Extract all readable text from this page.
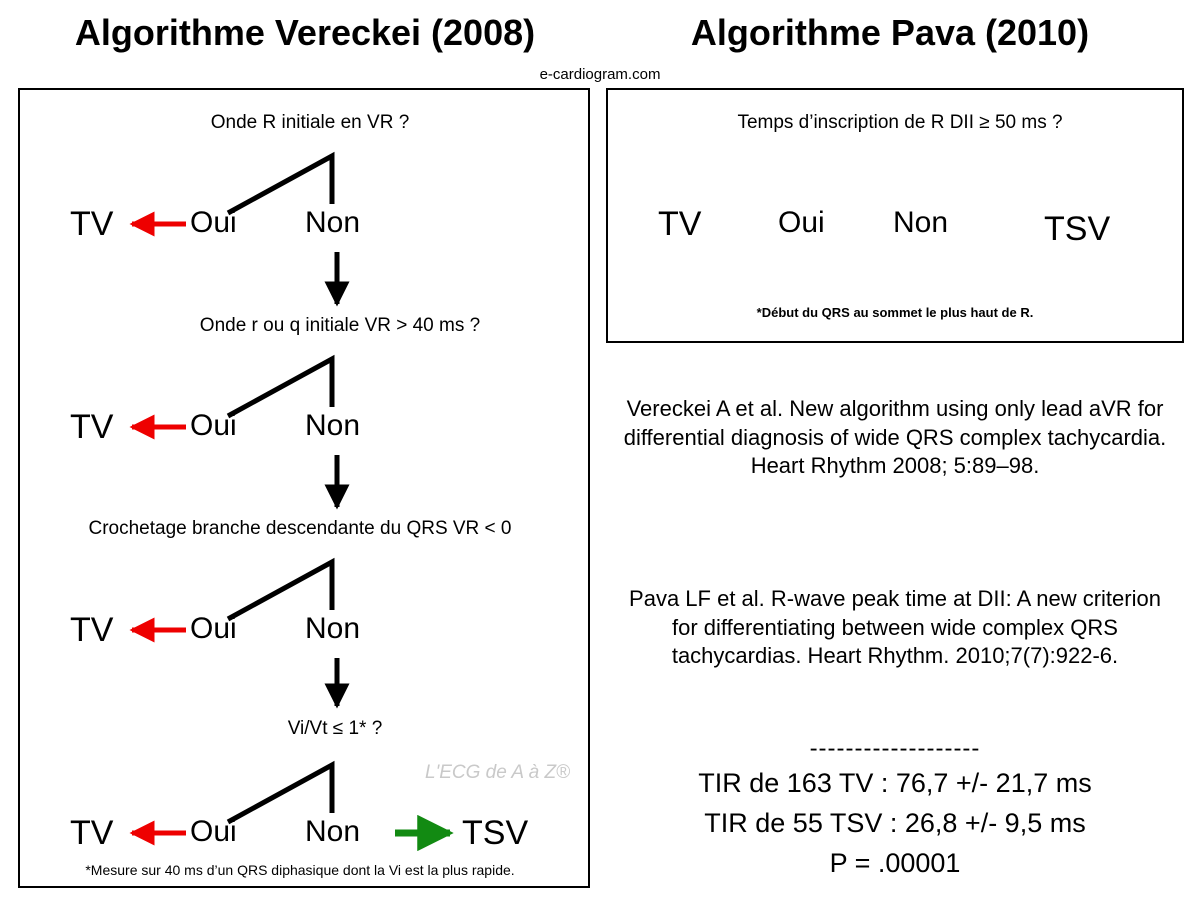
Algorithme Vereckei (2008)	Algorithme Pava (2010)
e-cardiogram.com
Onde R initiale en VR ?
TV	Oui Non
Onde r ou q initiale VR > 40 ms ?
TV	Oui Non
Crochetage branche descendante du QRS VR < 0
TV	Oui Non
Vi/Vt ≤ 1* ?
TV	Oui Non	TSV
L'ECG de A à Z®
*Mesure sur 40 ms d’un QRS diphasique dont la Vi est la plus rapide.
Temps d’inscription de R DII ≥ 50 ms ?
TV	Oui Non	TSV
*Début du QRS au sommet le plus haut de R.
Vereckei A et al. New algorithm using only lead aVR for differential diagnosis of wide QRS complex tachycardia. Heart Rhythm 2008; 5:89–98.
Pava LF et al. R-wave peak time at DII: A new criterion for differentiating between wide complex QRS tachycardias. Heart Rhythm. 2010;7(7):922-6.
-------------------
TIR de 163 TV : 76,7 +/- 21,7 ms
TIR de 55 TSV : 26,8 +/- 9,5 ms
P = .00001
